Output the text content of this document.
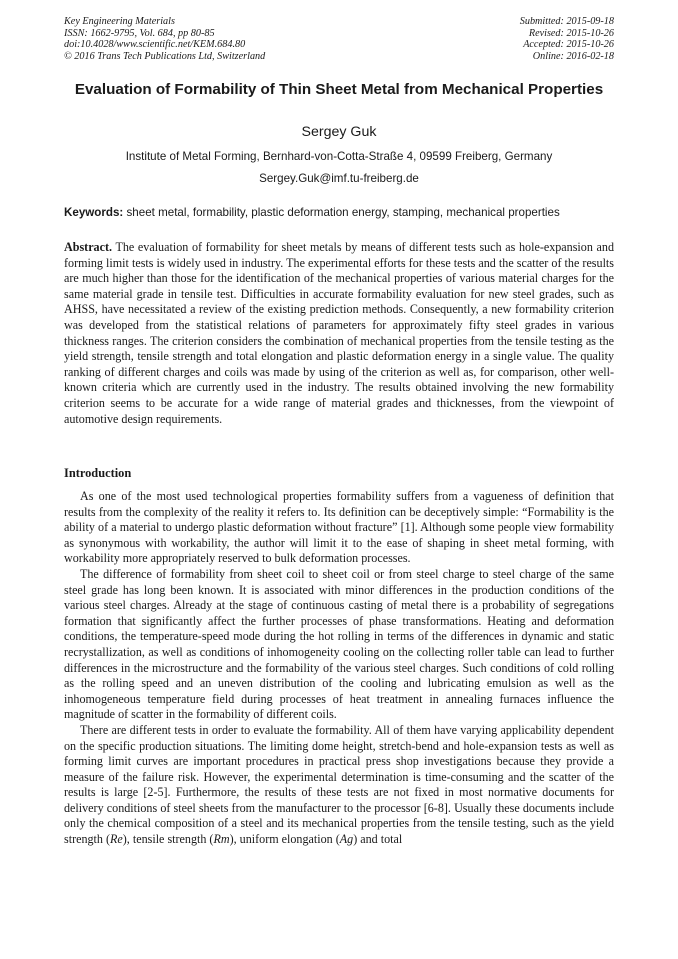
Key Engineering Materials
ISSN: 1662-9795, Vol. 684, pp 80-85
doi:10.4028/www.scientific.net/KEM.684.80
© 2016 Trans Tech Publications Ltd, Switzerland
Submitted: 2015-09-18
Revised: 2015-10-26
Accepted: 2015-10-26
Online: 2016-02-18
Evaluation of Formability of Thin Sheet Metal from Mechanical Properties
Sergey Guk
Institute of Metal Forming, Bernhard-von-Cotta-Straße 4, 09599 Freiberg, Germany
Sergey.Guk@imf.tu-freiberg.de
Keywords: sheet metal, formability, plastic deformation energy, stamping, mechanical properties
Abstract. The evaluation of formability for sheet metals by means of different tests such as hole-expansion and forming limit tests is widely used in industry. The experimental efforts for these tests and the scatter of the results are much higher than those for the identification of the mechanical properties of various material charges for the same material grade in tensile test. Difficulties in accurate formability evaluation for new steel grades, such as AHSS, have necessitated a review of the existing prediction methods. Consequently, a new formability criterion was developed from the statistical relations of parameters for approximately fifty steel grades in various thickness ranges. The criterion considers the combination of mechanical properties from the tensile testing as the yield strength, tensile strength and total elongation and plastic deformation energy in a single value. The quality ranking of different charges and coils was made by using of the criterion as well as, for comparison, other well-known criteria which are currently used in the industry. The results obtained involving the new formability criterion seems to be accurate for a wide range of material grades and thicknesses, from the viewpoint of automotive design requirements.
Introduction

As one of the most used technological properties formability suffers from a vagueness of definition that results from the complexity of the reality it refers to. Its definition can be deceptively simple: “Formability is the ability of a material to undergo plastic deformation without fracture” [1]. Although some people view formability as synonymous with workability, the author will limit it to the ease of shaping in sheet metal forming, with workability more appropriately reserved to bulk deformation processes.

The difference of formability from sheet coil to sheet coil or from steel charge to steel charge of the same steel grade has long been known. It is associated with minor differences in the production conditions of the various steel charges. Already at the stage of continuous casting of metal there is a probability of segregations formation that significantly affect the further processes of phase transformations. Heating and deformation conditions, the temperature-speed mode during the hot rolling in terms of the differences in dynamic and static recrystallization, as well as conditions of inhomogeneity cooling on the collecting roller table can lead to further differences in the microstructure and the formability of the various steel charges. Such conditions of cold rolling as the rolling speed and an uneven distribution of the cooling and lubricating emulsion as well as the inhomogeneous temperature field during processes of heat treatment in annealing furnaces influence the magnitude of scatter in the formability of different coils.

There are different tests in order to evaluate the formability. All of them have varying applicability dependent on the specific production situations. The limiting dome height, stretch-bend and hole-expansion tests as well as forming limit curves are important procedures in practical press shop investigations because they provide a measure of the failure risk. However, the experimental determination is time-consuming and the scatter of the results is large [2-5]. Furthermore, the results of these tests are not fixed in most normative documents for delivery conditions of steel sheets from the manufacturer to the processor [6-8]. Usually these documents include only the chemical composition of a steel and its mechanical properties from the tensile testing, such as the yield strength (Re), tensile strength (Rm), uniform elongation (Ag) and total
